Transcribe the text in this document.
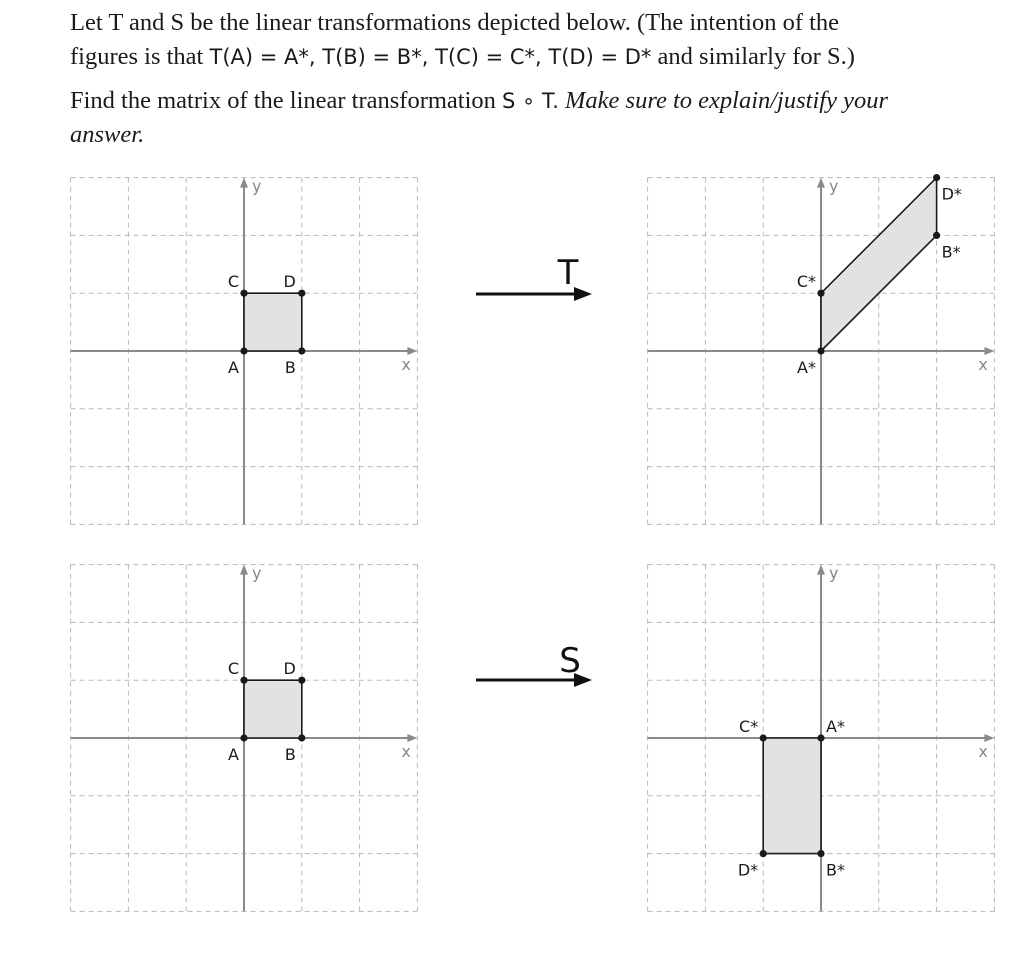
Let T and S be the linear transformations depicted below. (The intention of the
figures is that T(A) = A*, T(B) = B*, T(C) = C*, T(D) = D* and similarly for S.)

Find the matrix of the linear transformation S ∘ T. Make sure to explain/justify your
answer.

x
y
A	B
C	D
x
y
A*
B*
C*
D*
x
y
A	B
C	D
x
y
A*
B*
C*
D*
T
S
